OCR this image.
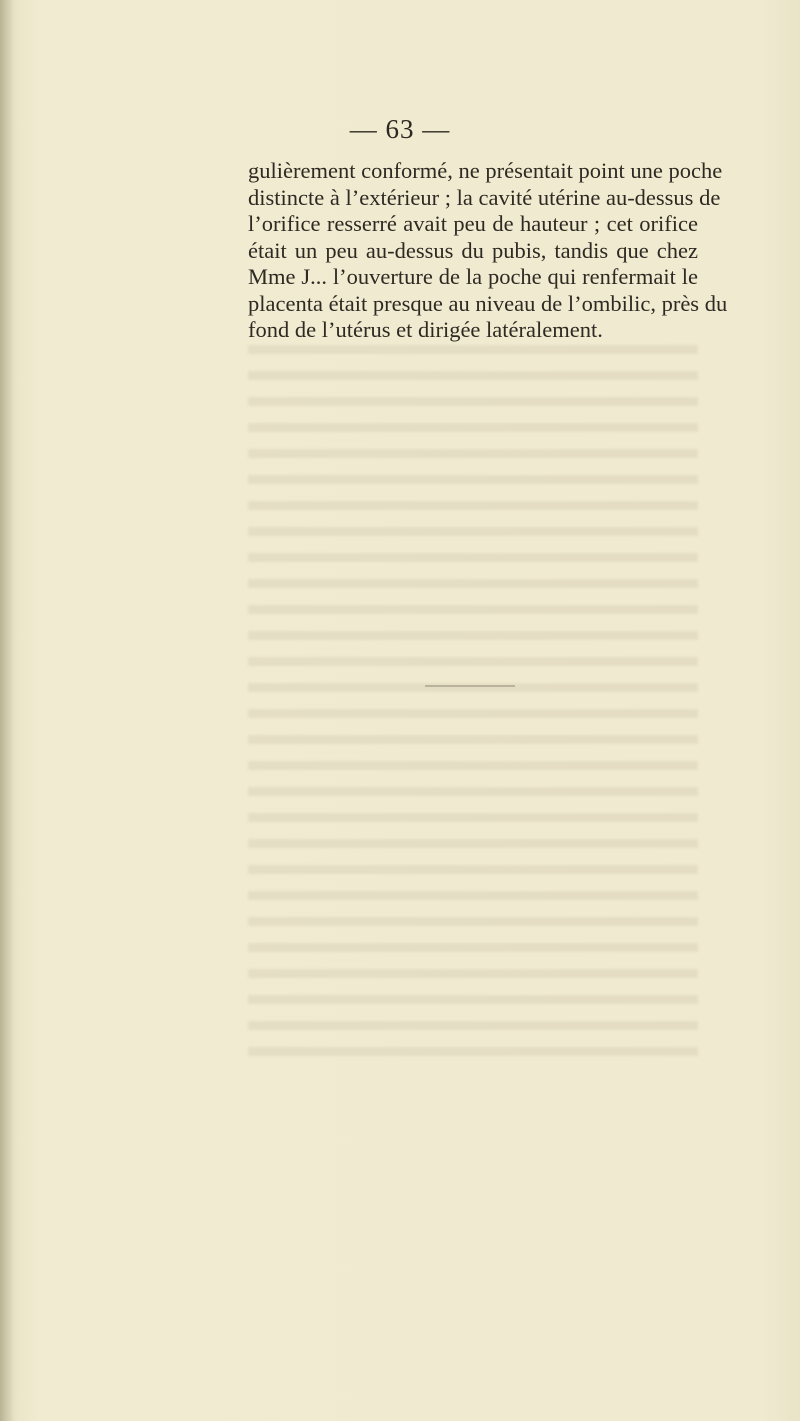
— 63 —
gulièrement conformé, ne présentait point une poche
distincte à l’extérieur ; la cavité utérine au-dessus de
l’orifice resserré avait peu de hauteur ; cet orifice
était un peu au-dessus du pubis, tandis que chez
Mme J... l’ouverture de la poche qui renfermait le
placenta était presque au niveau de l’ombilic, près du
fond de l’utérus et dirigée latéralement.
